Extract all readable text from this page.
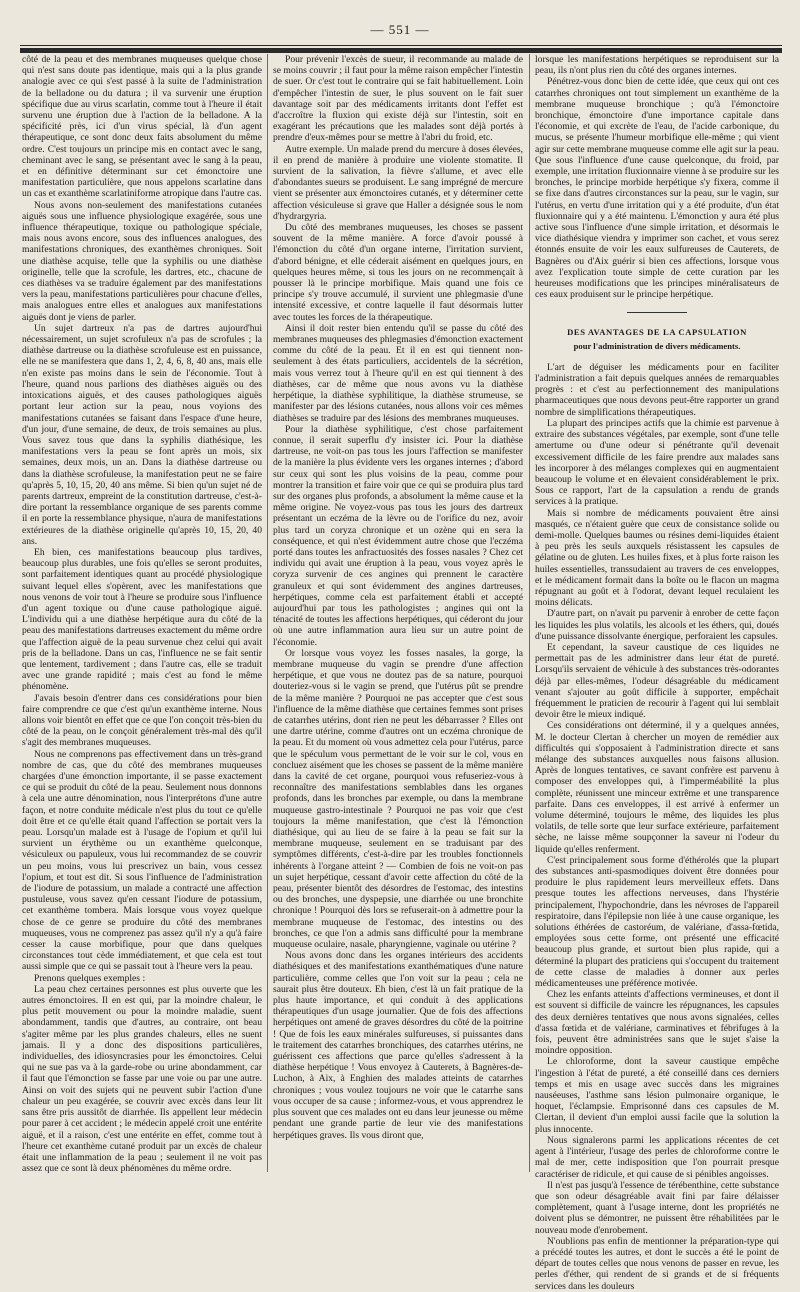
— 551 —

côté de la peau et des membranes muqueuses quelque chose qui n'est sans doute pas identique, mais qui a la plus grande analogie avec ce qui s'est passé à la suite de l'administration de la belladone ou du datura ; il va survenir une éruption spécifique due au virus scarlatin, comme tout à l'heure il était survenu une éruption due à l'action de la belladone. A la spécificité près, ici d'un virus spécial, là d'un agent thérapeutique, ce sont donc deux faits absolument du même ordre. C'est toujours un principe mis en contact avec le sang, cheminant avec le sang, se présentant avec le sang à la peau, et en définitive déterminant sur cet émonctoire une manifestation particulière, que nous appelons scarlatine dans un cas et exanthème scarlatiniforme atropique dans l'autre cas.

Nous avons non-seulement des manifestations cutanées aiguës sous une influence physiologique exagérée, sous une influence thérapeutique, toxique ou pathologique spéciale, mais nous avons encore, sous des influences analogues, des manifestations chroniques, des exanthèmes chroniques. Soit une diathèse acquise, telle que la syphilis ou une diathèse originelle, telle que la scrofule, les dartres, etc., chacune de ces diathèses va se traduire également par des manifestations vers la peau, manifestations particulières pour chacune d'elles, mais analogues entre elles et analogues aux manifestations aiguës dont je viens de parler.

Un sujet dartreux n'a pas de dartres aujourd'hui nécessairement, un sujet scrofuleux n'a pas de scrofules ; la diathèse dartreuse ou la diathèse scrofuleuse est en puissance, elle ne se manifestera que dans 1, 2, 4, 6, 8, 40 ans, mais elle n'en existe pas moins dans le sein de l'économie. Tout à l'heure, quand nous parlions des diathèses aiguës ou des intoxications aiguës, et des causes pathologiques aiguës portant leur action sur la peau, nous voyions des manifestations cutanées se faisant dans l'espace d'une heure, d'un jour, d'une semaine, de deux, de trois semaines au plus. Vous savez tous que dans la syphilis diathésique, les manifestations vers la peau se font après un mois, six semaines, deux mois, un an. Dans la diathèse dartreuse ou dans la diathèse scrofuleuse, la manifestation peut ne se faire qu'après 5, 10, 15, 20, 40 ans même. Si bien qu'un sujet né de parents dartreux, empreint de la constitution dartreuse, c'est-à-dire portant la ressemblance organique de ses parents comme il en porte la ressemblance physique, n'aura de manifestations extérieures de la diathèse originelle qu'après 10, 15, 20, 40 ans.

Eh bien, ces manifestations beaucoup plus tardives, beaucoup plus durables, une fois qu'elles se seront produites, sont parfaitement identiques quant au procédé physiologique suivant lequel elles s'opèrent, avec les manifestations que nous venons de voir tout à l'heure se produire sous l'influence d'un agent toxique ou d'une cause pathologique aiguë. L'individu qui a une diathèse herpétique aura du côté de la peau des manifestations dartreuses exactement du même ordre que l'affection aiguë de la peau survenue chez celui qui avait pris de la belladone. Dans un cas, l'influence ne se fait sentir que lentement, tardivement ; dans l'autre cas, elle se traduit avec une grande rapidité ; mais c'est au fond le même phénomène.

J'avais besoin d'entrer dans ces considérations pour bien faire comprendre ce que c'est qu'un exanthème interne. Nous allons voir bientôt en effet que ce que l'on conçoit très-bien du côté de la peau, on le conçoit généralement très-mal dès qu'il s'agit des membranes muqueuses.

Nous ne comprenons pas effectivement dans un très-grand nombre de cas, que du côté des membranes muqueuses chargées d'une émonction importante, il se passe exactement ce qui se produit du côté de la peau. Seulement nous donnons à cela une autre dénomination, nous l'interprétons d'une autre façon, et notre conduite médicale n'est plus du tout ce qu'elle doit être et ce qu'elle était quand l'affection se portait vers la peau. Lorsqu'un malade est à l'usage de l'opium et qu'il lui survient un érythème ou un exanthème quelconque, vésiculeux ou papuleux, vous lui recommandez de se couvrir un peu moins, vous lui prescrivez un bain, vous cessez l'opium, et tout est dit. Si sous l'influence de l'administration de l'iodure de potassium, un malade a contracté une affection pustuleuse, vous savez qu'en cessant l'iodure de potassium, cet exanthème tombera. Mais lorsque vous voyez quelque chose de ce genre se produire du côté des membranes muqueuses, vous ne comprenez pas assez qu'il n'y a qu'à faire cesser la cause morbifique, pour que dans quelques circonstances tout cède immédiatement, et que cela est tout aussi simple que ce qui se passait tout à l'heure vers la peau.

Prenons quelques exemples :

La peau chez certaines personnes est plus ouverte que les autres émonctoires. Il en est qui, par la moindre chaleur, le plus petit mouvement ou pour la moindre maladie, suent abondamment, tandis que d'autres, au contraire, ont beau s'agiter même par les plus grandes chaleurs, elles ne suent jamais. Il y a donc des dispositions particulières, individuelles, des idiosyncrasies pour les émonctoires. Celui qui ne sue pas va à la garde-robe ou urine abondamment, car il faut que l'émonction se fasse par une voie ou par une autre. Ainsi on voit des sujets qui ne peuvent subir l'action d'une chaleur un peu exagérée, se couvrir avec excès dans leur lit sans être pris aussitôt de diarrhée. Ils appellent leur médecin pour parer à cet accident ; le médecin appelé croit une entérite aiguë, et il a raison, c'est une entérite en effet, comme tout à l'heure cet exanthème cutané produit par un excès de chaleur était une inflammation de la peau ; seulement il ne voit pas assez que ce sont là deux phénomènes du même ordre.

Pour prévenir l'excès de sueur, il recommande au malade de se moins couvrir ; il faut pour la même raison empêcher l'intestin de suer. Or c'est tout le contraire qui se fait habituellement. Loin d'empêcher l'intestin de suer, le plus souvent on le fait suer davantage soit par des médicaments irritants dont l'effet est d'accroître la fluxion qui existe déjà sur l'intestin, soit en exagérant les précautions que les malades sont déjà portés à prendre d'eux-mêmes pour se mettre à l'abri du froid, etc.

Autre exemple. Un malade prend du mercure à doses élevées, il en prend de manière à produire une violente stomatite. Il survient de la salivation, la fièvre s'allume, et avec elle d'abondantes sueurs se produisent. Le sang imprégné de mercure vient se présenter aux émonctoires cutanés, et y déterminer cette affection vésiculeuse si grave que Haller a désignée sous le nom d'hydrargyria.

Du côté des membranes muqueuses, les choses se passent souvent de la même manière. A force d'avoir poussé à l'émonction du côté d'un organe interne, l'irritation survient, d'abord bénigne, et elle céderait aisément en quelques jours, en quelques heures même, si tous les jours on ne recommençait à pousser là le principe morbifique. Mais quand une fois ce principe s'y trouve accumulé, il survient une phlegmasie d'une intensité excessive, et contre laquelle il faut désormais lutter avec toutes les forces de la thérapeutique.

Ainsi il doit rester bien entendu qu'il se passe du côté des membranes muqueuses des phlegmasies d'émonction exactement comme du côté de la peau. Et il en est qui tiennent non-seulement à des états particuliers, accidentels de la sécrétion, mais vous verrez tout à l'heure qu'il en est qui tiennent à des diathèses, car de même que nous avons vu la diathèse herpétique, la diathèse syphilitique, la diathèse strumeuse, se manifester par des lésions cutanées, nous allons voir ces mêmes diathèses se traduire par des lésions des membranes muqueuses.

Pour la diathèse syphilitique, c'est chose parfaitement connue, il serait superflu d'y insister ici. Pour la diathèse dartreuse, ne voit-on pas tous les jours l'affection se manifester de la manière la plus évidente vers les organes internes ; d'abord sur ceux qui sont les plus voisins de la peau, comme pour montrer la transition et faire voir que ce qui se produira plus tard sur des organes plus profonds, a absolument la même cause et la même origine. Ne voyez-vous pas tous les jours des dartreux présentant un eczéma de la lèvre ou de l'orifice du nez, avoir plus tard un coryza chronique et un ozène qui en sera la conséquence, et qui n'est évidemment autre chose que l'eczéma porté dans toutes les anfractuosités des fosses nasales ? Chez cet individu qui avait une éruption à la peau, vous voyez après le coryza survenir de ces angines qui prennent le caractère granuleux et qui sont évidemment des angines dartreuses, herpétiques, comme cela est parfaitement établi et accepté aujourd'hui par tous les pathologistes ; angines qui ont la ténacité de toutes les affections herpétiques, qui céderont du jour où une autre inflammation aura lieu sur un autre point de l'économie.

Or lorsque vous voyez les fosses nasales, la gorge, la membrane muqueuse du vagin se prendre d'une affection herpétique, et que vous ne doutez pas de sa nature, pourquoi douteriez-vous si le vagin se prend, que l'utérus pût se prendre de la même manière ? Pourquoi ne pas accepter que c'est sous l'influence de la même diathèse que certaines femmes sont prises de catarrhes utérins, dont rien ne peut les débarrasser ? Elles ont une dartre utérine, comme d'autres ont un eczéma chronique de la peau. Et du moment où vous admettez cela pour l'utérus, parce que le spéculum vous permettant de le voir sur le col, vous en concluez aisément que les choses se passent de la même manière dans la cavité de cet organe, pourquoi vous refuseriez-vous à reconnaître des manifestations semblables dans les organes profonds, dans les bronches par exemple, ou dans la membrane muqueuse gastro-intestinale ? Pourquoi ne pas voir que c'est toujours la même manifestation, que c'est là l'émonction diathésique, qui au lieu de se faire à la peau se fait sur la membrane muqueuse, seulement en se traduisant par des symptômes différents, c'est-à-dire par les troubles fonctionnels inhérents à l'organe atteint ? — Combien de fois ne voit-on pas un sujet herpétique, cessant d'avoir cette affection du côté de la peau, présenter bientôt des désordres de l'estomac, des intestins ou des bronches, une dyspepsie, une diarrhée ou une bronchite chronique ! Pourquoi dès lors se refuserait-on à admettre pour la membrane muqueuse de l'estomac, des intestins ou des bronches, ce que l'on a admis sans difficulté pour la membrane muqueuse oculaire, nasale, pharyngienne, vaginale ou utérine ?

Nous avons donc dans les organes intérieurs des accidents diathésiques et des manifestations exanthématiques d'une nature particulière, comme celles que l'on voit sur la peau ; cela ne saurait plus être douteux. Eh bien, c'est là un fait pratique de la plus haute importance, et qui conduit à des applications thérapeutiques d'un usage journalier. Que de fois des affections herpétiques ont amené de graves désordres du côté de la poitrine ! Que de fois les eaux minérales sulfureuses, si puissantes dans le traitement des catarrhes bronchiques, des catarrhes utérins, ne guérissent ces affections que parce qu'elles s'adressent à la diathèse herpétique ! Vous envoyez à Cauterets, à Bagnères-de-Luchon, à Aix, à Enghien des malades atteints de catarrhes chroniques ; vous voulez toujours ne voir que le catarrhe sans vous occuper de sa cause ; informez-vous, et vous apprendrez le plus souvent que ces malades ont eu dans leur jeunesse ou même pendant une grande partie de leur vie des manifestations herpétiques graves. Ils vous diront que,

lorsque les manifestations herpétiques se reproduisent sur la peau, ils n'ont plus rien du côté des organes internes.

Pénétrez-vous donc bien de cette idée, que ceux qui ont ces catarrhes chroniques ont tout simplement un exanthème de la membrane muqueuse bronchique ; qu'à l'émonctoire bronchique, émonctoire d'une importance capitale dans l'économie, et qui excrète de l'eau, de l'acide carbonique, du mucus, se présente l'humeur morbifique elle-même ; qui vient agir sur cette membrane muqueuse comme elle agit sur la peau. Que sous l'influence d'une cause quelconque, du froid, par exemple, une irritation fluxionnaire vienne à se produire sur les bronches, le principe morbide herpétique s'y fixera, comme il se fixe dans d'autres circonstances sur la peau, sur le vagin, sur l'utérus, en vertu d'une irritation qui y a été produite, d'un état fluxionnaire qui y a été maintenu. L'émonction y aura été plus active sous l'influence d'une simple irritation, et désormais le vice diathésique viendra y imprimer son cachet, et vous serez étonnés ensuite de voir les eaux sulfureuses de Cauterets, de Bagnères ou d'Aix guérir si bien ces affections, lorsque vous avez l'explication toute simple de cette curation par les heureuses modifications que les principes minéralisateurs de ces eaux produisent sur le principe herpétique.

DES AVANTAGES DE LA CAPSULATION
pour l'administration de divers médicaments.

L'art de déguiser les médicaments pour en faciliter l'administration a fait depuis quelques années de remarquables progrès : et c'est au perfectionnement des manipulations pharmaceutiques que nous devons peut-être rapporter un grand nombre de simplifications thérapeutiques.

La plupart des principes actifs que la chimie est parvenue à extraire des substances végétales, par exemple, sont d'une telle amertume ou d'une odeur si pénétrante qu'il devenait excessivement difficile de les faire prendre aux malades sans les incorporer à des mélanges complexes qui en augmentaient beaucoup le volume et en élevaient considérablement le prix. Sous ce rapport, l'art de la capsulation a rendu de grands services à la pratique.

Mais si nombre de médicaments pouvaient être ainsi masqués, ce n'étaient guère que ceux de consistance solide ou demi-molle. Quelques baumes ou résines demi-liquides étaient à peu près les seuls auxquels résistassent les capsules de gélatine ou de gluten. Les huiles fixes, et à plus forte raison les huiles essentielles, transsudaient au travers de ces enveloppes, et le médicament formait dans la boîte ou le flacon un magma répugnant au goût et à l'odorat, devant lequel reculaient les moins délicats.

D'autre part, on n'avait pu parvenir à enrober de cette façon les liquides les plus volatils, les alcools et les éthers, qui, doués d'une puissance dissolvante énergique, perforaient les capsules.

Et cependant, la saveur caustique de ces liquides ne permettait pas de les administrer dans leur état de pureté. Lorsqu'ils servaient de véhicule à des substances très-odorantes déjà par elles-mêmes, l'odeur désagréable du médicament venant s'ajouter au goût difficile à supporter, empêchait fréquemment le praticien de recourir à l'agent qui lui semblait devoir être le mieux indiqué.

Ces considérations ont déterminé, il y a quelques années, M. le docteur Clertan à chercher un moyen de remédier aux difficultés qui s'opposaient à l'administration directe et sans mélange des substances auxquelles nous faisons allusion. Après de longues tentatives, ce savant confrère est parvenu à composer des enveloppes qui, à l'imperméabilité la plus complète, réunissent une minceur extrême et une transparence parfaite. Dans ces enveloppes, il est arrivé à enfermer un volume déterminé, toujours le même, des liquides les plus volatils, de telle sorte que leur surface extérieure, parfaitement sèche, ne laisse même soupçonner la saveur ni l'odeur du liquide qu'elles renferment.

C'est principalement sous forme d'éthérolés que la plupart des substances anti-spasmodiques doivent être données pour produire le plus rapidement leurs merveilleux effets. Dans presque toutes les affections nerveuses, dans l'hystérie principalement, l'hypochondrie, dans les névroses de l'appareil respiratoire, dans l'épilepsie non liée à une cause organique, les solutions éthérées de castoréum, de valériane, d'assa-fœtida, employées sous cette forme, ont présenté une efficacité beaucoup plus grande, et surtout bien plus rapide, qui a déterminé la plupart des praticiens qui s'occupent du traitement de cette classe de maladies à donner aux perles médicamenteuses une préférence motivée.

Chez les enfants atteints d'affections vermineuses, et dont il est souvent si difficile de vaincre les répugnances, les capsules des deux dernières tentatives que nous avons signalées, celles d'assa fœtida et de valériane, carminatives et fébrifuges à la fois, peuvent être administrées sans que le sujet s'aise la moindre opposition.

Le chloroforme, dont la saveur caustique empêche l'ingestion à l'état de pureté, a été conseillé dans ces derniers temps et mis en usage avec succès dans les migraines nauséeuses, l'asthme sans lésion pulmonaire organique, le hoquet, l'éclampsie. Emprisonné dans ces capsules de M. Clertan, il devient d'un emploi aussi facile que la solution la plus innocente.

Nous signalerons parmi les applications récentes de cet agent à l'intérieur, l'usage des perles de chloroforme contre le mal de mer, cette indisposition que l'on pourrait presque caractériser de ridicule, et qui cause de si pénibles angoisses.

Il n'est pas jusqu'à l'essence de térébenthine, cette substance que son odeur désagréable avait fini par faire délaisser complètement, quant à l'usage interne, dont les propriétés ne doivent plus se démontrer, ne puissent être réhabilitées par le nouveau mode d'enrobement.

N'oublions pas enfin de mentionner la préparation-type qui a précédé toutes les autres, et dont le succès a été le point de départ de toutes celles que nous venons de passer en revue, les perles d'éther, qui rendent de si grands et de si fréquents services dans les douleurs
